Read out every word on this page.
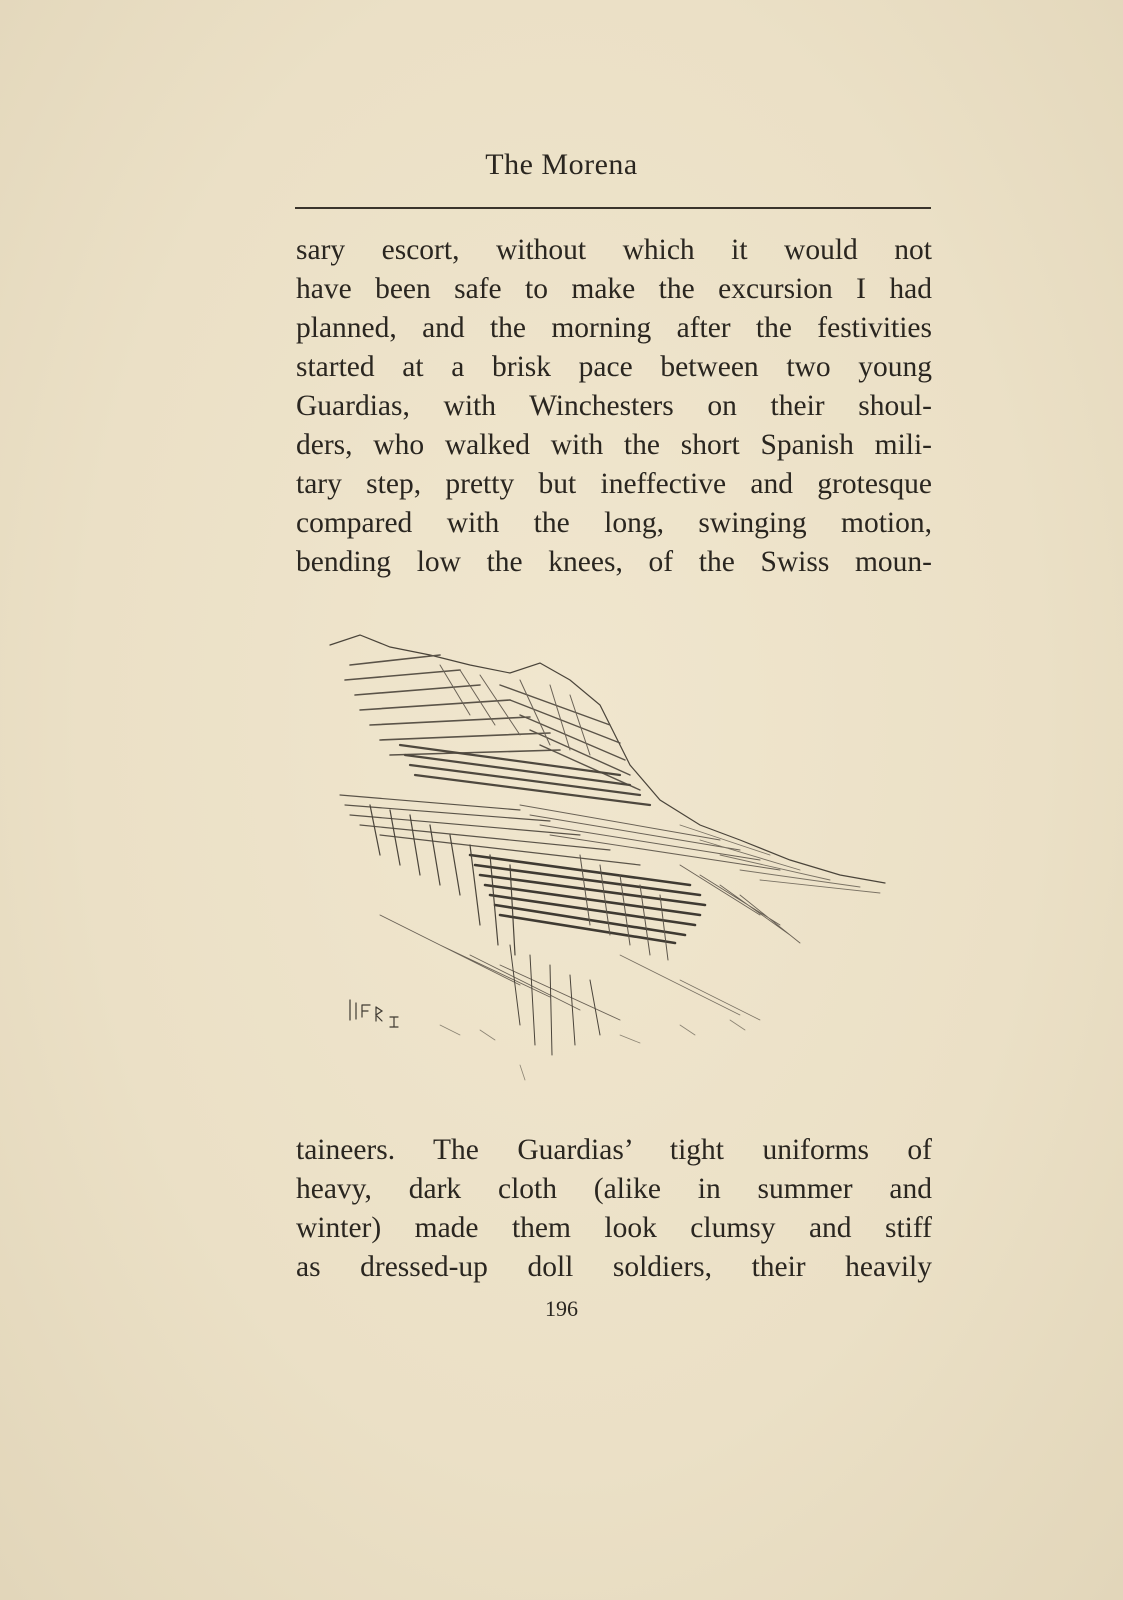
The Morena
sary escort, without which it would not
have been safe to make the excursion I had
planned, and the morning after the festivities
started at a brisk pace between two young
Guardias, with Winchesters on their shoul-
ders, who walked with the short Spanish mili-
tary step, pretty but ineffective and grotesque
compared with the long, swinging motion,
bending low the knees, of the Swiss moun-
taineers. The Guardias’ tight uniforms of
heavy, dark cloth (alike in summer and
winter) made them look clumsy and stiff
as dressed-up doll soldiers, their heavily
196
